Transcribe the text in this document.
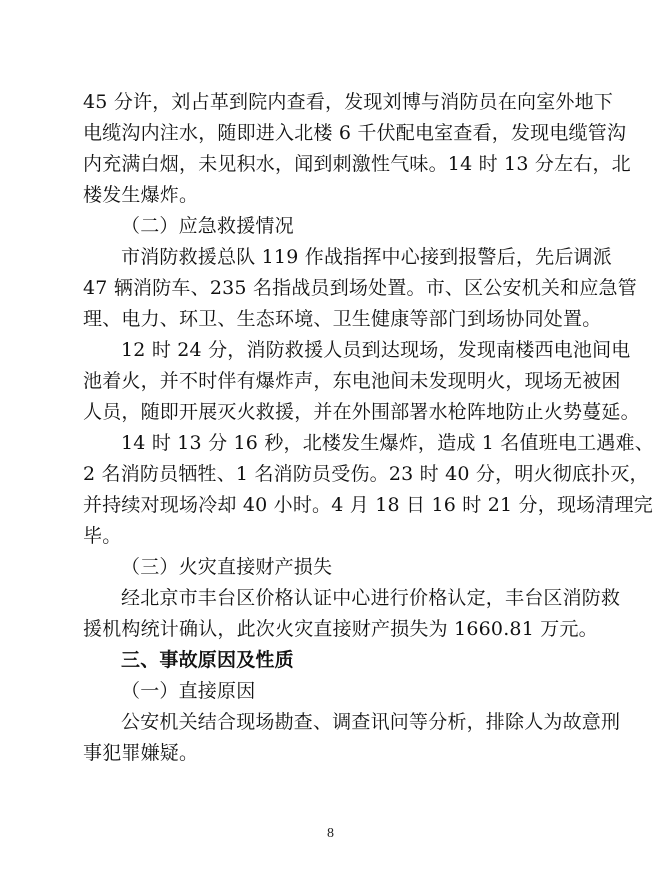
45 分许，刘占革到院内查看，发现刘博与消防员在向室外地下
电缆沟内注水，随即进入北楼 6 千伏配电室查看，发现电缆管沟
内充满白烟，未见积水，闻到刺激性气味。14 时 13 分左右，北
楼发生爆炸。
（二）应急救援情况
市消防救援总队 119 作战指挥中心接到报警后，先后调派
47 辆消防车、235 名指战员到场处置。市、区公安机关和应急管
理、电力、环卫、生态环境、卫生健康等部门到场协同处置。
12 时 24 分，消防救援人员到达现场，发现南楼西电池间电
池着火，并不时伴有爆炸声，东电池间未发现明火，现场无被困
人员，随即开展灭火救援，并在外围部署水枪阵地防止火势蔓延。
14 时 13 分 16 秒，北楼发生爆炸，造成 1 名值班电工遇难、
2 名消防员牺牲、1 名消防员受伤。23 时 40 分，明火彻底扑灭，
并持续对现场冷却 40 小时。4 月 18 日 16 时 21 分，现场清理完
毕。
（三）火灾直接财产损失
经北京市丰台区价格认证中心进行价格认定，丰台区消防救
援机构统计确认，此次火灾直接财产损失为 1660.81 万元。
三、事故原因及性质
（一）直接原因
公安机关结合现场勘查、调查讯问等分析，排除人为故意刑
事犯罪嫌疑。
8
